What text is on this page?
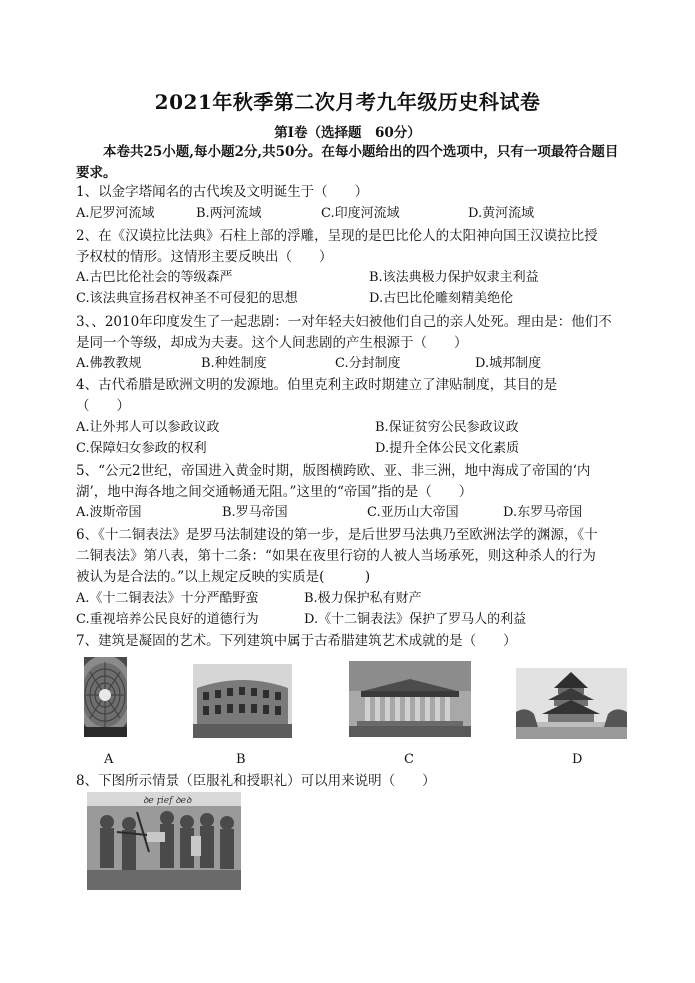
2021年秋季第二次月考九年级历史科试卷
第Ⅰ卷（选择题　60分）
本卷共25小题,每小题2分,共50分。在每小题给出的四个选项中，只有一项最符合题目要求。
1、以金字塔闻名的古代埃及文明诞生于（　　）
A.尼罗河流域	B.两河流域	C.印度河流域	D.黄河流域
2、在《汉谟拉比法典》石柱上部的浮雕，呈现的是巴比伦人的太阳神向国王汉谟拉比授
予权杖的情形。这情形主要反映出（　　）
A.古巴比伦社会的等级森严	B.该法典极力保护奴隶主利益
C.该法典宣扬君权神圣不可侵犯的思想	D.古巴比伦雕刻精美绝伦
3、、2010年印度发生了一起悲剧：一对年轻夫妇被他们自己的亲人处死。理由是：他们不
是同一个等级，却成为夫妻。这个人间悲剧的产生根源于（　　）
A.佛教教规	B.种姓制度	C.分封制度	D.城邦制度
4、古代希腊是欧洲文明的发源地。伯里克利主政时期建立了津贴制度，其目的是
（　　）
A.让外邦人可以参政议政	B.保证贫穷公民参政议政
C.保障妇女参政的权利	D.提升全体公民文化素质
5、“公元2世纪，帝国进入黄金时期，版图横跨欧、亚、非三洲，地中海成了帝国的‘内
湖’，地中海各地之间交通畅通无阻。”这里的“帝国”指的是（　　）
A.波斯帝国	B.罗马帝国	C.亚历山大帝国	D.东罗马帝国
6、《十二铜表法》是罗马法制建设的第一步，是后世罗马法典乃至欧洲法学的渊源，《十
二铜表法》第八表，第十二条：“如果在夜里行窃的人被人当场承死，则这种杀人的行为
被认为是合法的。”以上规定反映的实质是(　　　)
A.《十二铜表法》十分严酷野蛮	B.极力保护私有财产
C.重视培养公民良好的道德行为	D.《十二铜表法》保护了罗马人的利益
7、建筑是凝固的艺术。下列建筑中属于古希腊建筑艺术成就的是（　　）
A	B	C	D
8、下图所示情景（臣服礼和授职礼）可以用来说明（　　）
ꝺe ꝼief ꝺeꝺ
